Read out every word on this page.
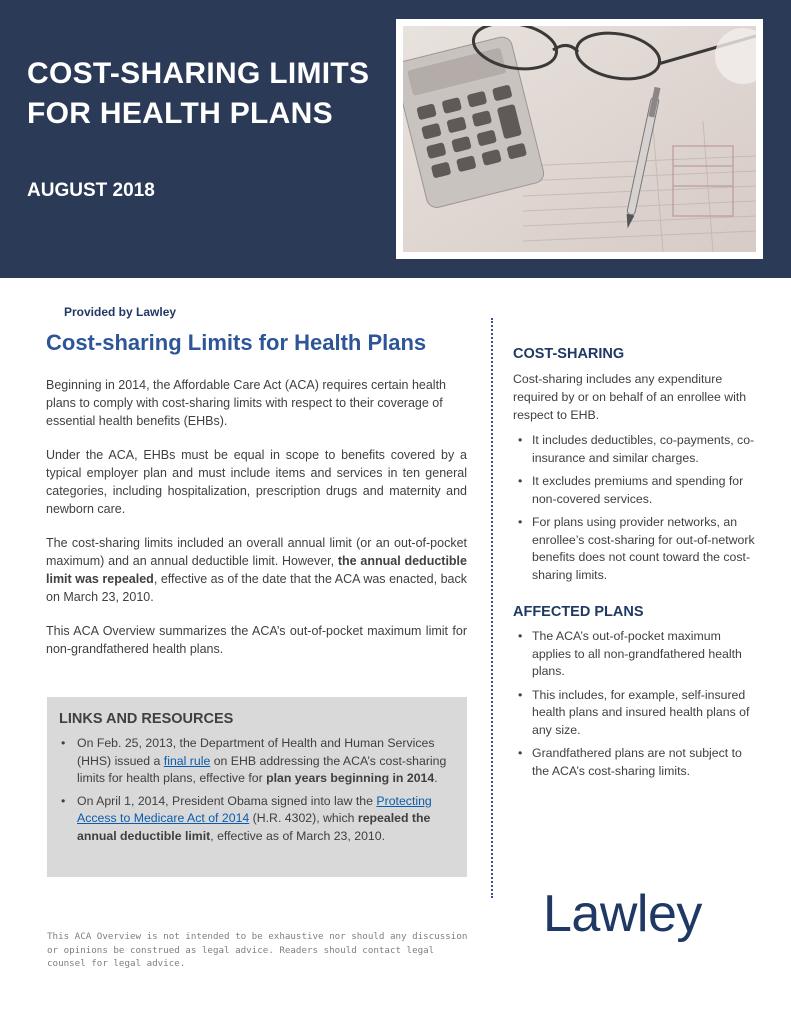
COST-SHARING LIMITS
FOR HEALTH PLANS
AUGUST 2018
Provided by Lawley
Cost-sharing Limits for Health Plans

Beginning in 2014, the Affordable Care Act (ACA) requires certain health plans to comply with cost-sharing limits with respect to their coverage of essential health benefits (EHBs).

Under the ACA, EHBs must be equal in scope to benefits covered by a typical employer plan and must include items and services in ten general categories, including hospitalization, prescription drugs and maternity and newborn care.

The cost-sharing limits included an overall annual limit (or an out-of-pocket maximum) and an annual deductible limit. However, the annual deductible limit was repealed, effective as of the date that the ACA was enacted, back on March 23, 2010.

This ACA Overview summarizes the ACA’s out-of-pocket maximum limit for non-grandfathered health plans.

LINKS AND RESOURCES
• On Feb. 25, 2013, the Department of Health and Human Services (HHS) issued a final rule on EHB addressing the ACA’s cost-sharing limits for health plans, effective for plan years beginning in 2014.
• On April 1, 2014, President Obama signed into law the Protecting Access to Medicare Act of 2014 (H.R. 4302), which repealed the annual deductible limit, effective as of March 23, 2010.
COST-SHARING

Cost-sharing includes any expenditure required by or on behalf of an enrollee with respect to EHB.

• It includes deductibles, co-payments, co-insurance and similar charges.
• It excludes premiums and spending for non-covered services.
• For plans using provider networks, an enrollee’s cost-sharing for out-of-network benefits does not count toward the cost-sharing limits.
AFFECTED PLANS
• The ACA’s out-of-pocket maximum applies to all non-grandfathered health plans.
• This includes, for example, self-insured health plans and insured health plans of any size.
• Grandfathered plans are not subject to the ACA’s cost-sharing limits.
This ACA Overview is not intended to be exhaustive nor should any discussion or opinions be construed as legal advice. Readers should contact legal counsel for legal advice.
Lawley
